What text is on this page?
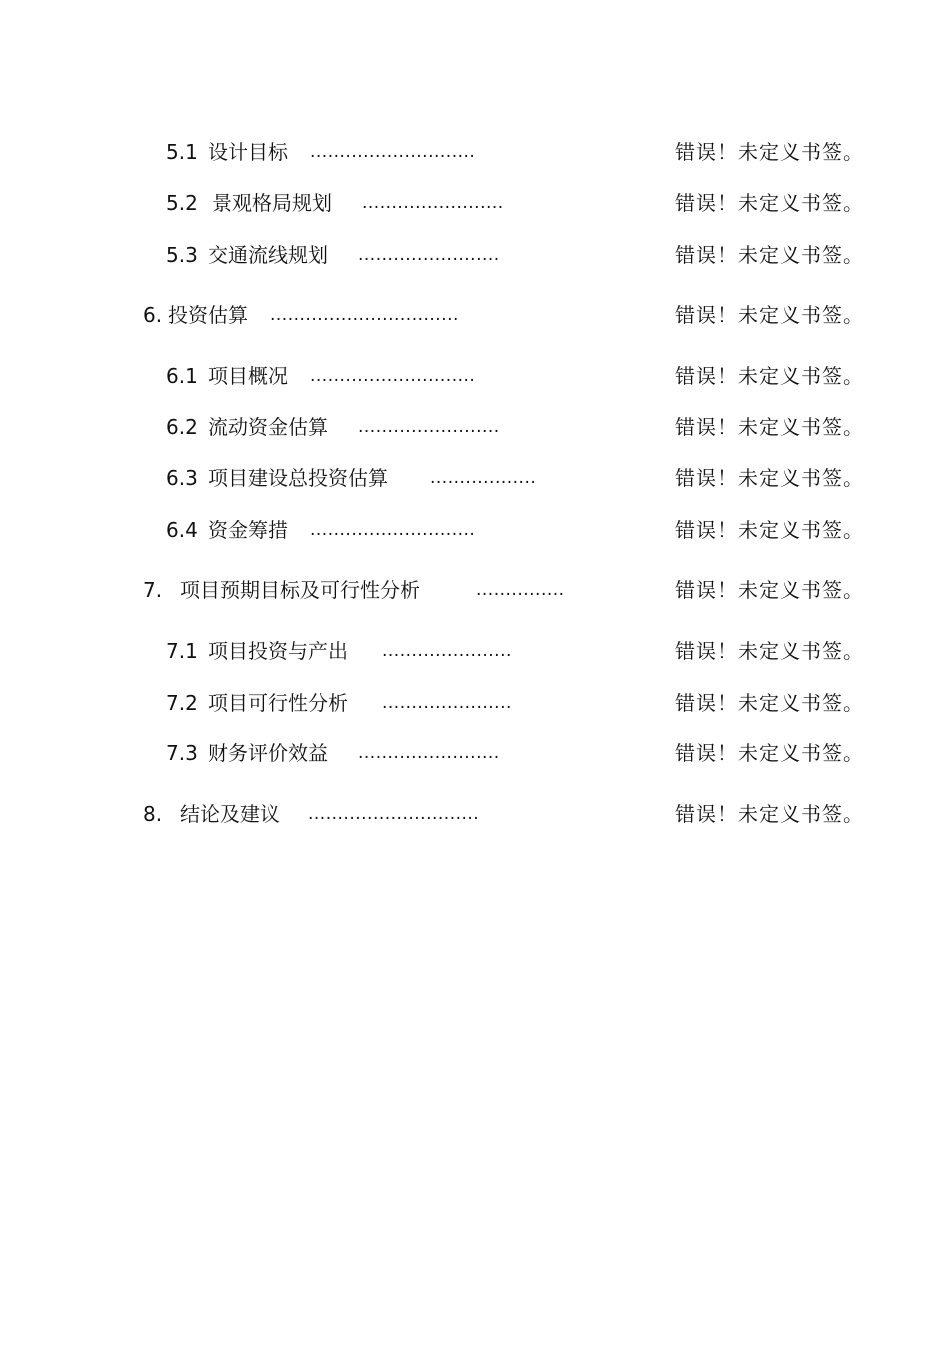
5.1 设计目标 ............................	错误！未定义书签。
5.2 景观格局规划 ........................	错误！未定义书签。
5.3 交通流线规划 ........................	错误！未定义书签。
6. 投资估算 ................................	错误！未定义书签。
6.1 项目概况 ............................	错误！未定义书签。
6.2 流动资金估算 ........................	错误！未定义书签。
6.3 项目建设总投资估算 ..................	错误！未定义书签。
6.4 资金筹措 ............................	错误！未定义书签。
7. 项目预期目标及可行性分析	...............	错误！未定义书签。
7.1 项目投资与产出 ......................	错误！未定义书签。
7.2 项目可行性分析 ......................	错误！未定义书签。
7.3 财务评价效益 ........................	错误！未定义书签。
8. 结论及建议 .............................	错误！未定义书签。
